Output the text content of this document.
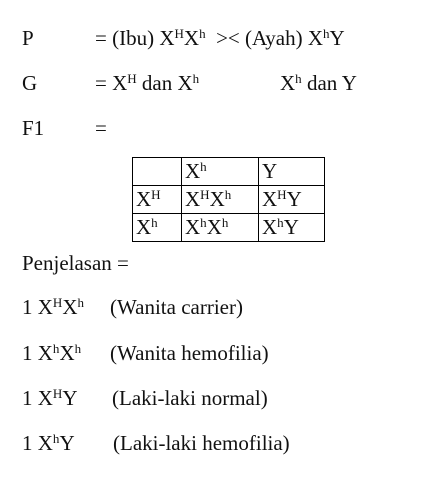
P	= (Ibu) $X^HX^h$ >< (Ayah) $X^hY$
G	= $X^H$ dan $X^h$	$X^h$ dan Y
F1 =
	$X^h$	Y
$X^H$	$X^HX^h$	$X^HY$
$X^h$	$X^hX^h$	$X^hY$
Penjelasan =
1 $X^HX^h$ (Wanita carrier)
1 $X^hX^h$ (Wanita hemofilia)
1 $X^HY$ (Laki-laki normal)
1 $X^hY$ (Laki-laki hemofilia)
